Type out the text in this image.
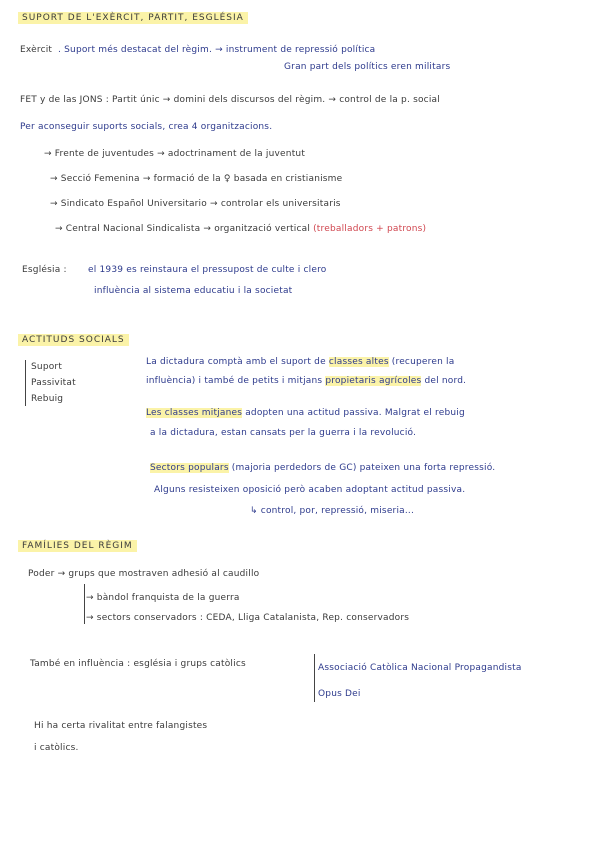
SUPORT DE L'EXÈRCIT, PARTIT, ESGLÉSIA
Exèrcit . Suport més destacat del règim. → instrument de repressió política
Gran part dels polítics eren militars
FET y de las JONS : Partit únic → domini dels discursos del règim. → control de la p. social
Per aconseguir suports socials, crea 4 organitzacions.
→ Frente de juventudes → adoctrinament de la juventut
→ Secció Femenina → formació de la ♀ basada en cristianisme
→ Sindicato Español Universitario → controlar els universitaris
→ Central Nacional Sindicalista → organització vertical (treballadors + patrons)
Església : el 1939 es reinstaura el pressupost de culte i clero
influència al sistema educatiu i la societat
ACTITUDS SOCIALS
Suport
Passivitat
Rebuig
La dictadura comptà amb el suport de classes altes (recuperen la
influència) i també de petits i mitjans propietaris agrícoles del nord.
Les classes mitjanes adopten una actitud passiva. Malgrat el rebuig
a la dictadura, estan cansats per la guerra i la revolució.
Sectors populars (majoria perdedors de GC) pateixen una forta repressió.
Alguns resisteixen oposició però acaben adoptant actitud passiva.
↳ control, por, repressió, miseria...
FAMÍLIES DEL RÈGIM
Poder → grups que mostraven adhesió al caudillo
→ bàndol franquista de la guerra
→ sectors conservadors : CEDA, Lliga Catalanista, Rep. conservadors
També en influència : església i grups catòlics	Associació Catòlica Nacional Propagandista
Opus Dei
Hi ha certa rivalitat entre falangistes
i catòlics.
